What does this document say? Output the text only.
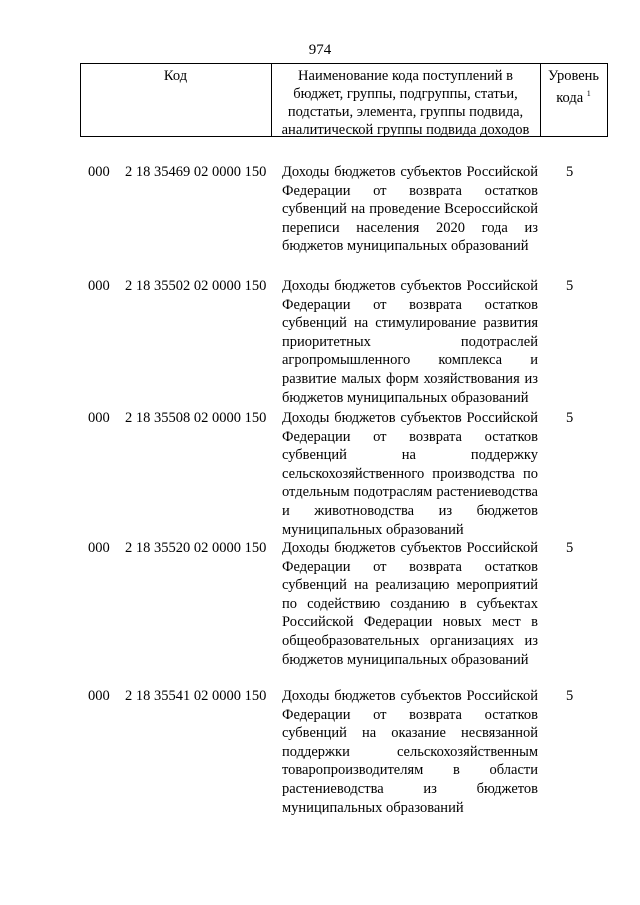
974
Код	Наименование кода поступлений в бюджет, группы, подгруппы, статьи, подстатьи, элемента, группы подвида, аналитической группы подвида доходов
Уровень кода $^1$
000 2 18 35469 02 0000 150 Доходы бюджетов субъектов Российской Федерации от возврата остатков субвенций на проведение Всероссийской переписи населения 2020 года из бюджетов муниципальных образований
5
000 2 18 35502 02 0000 150 Доходы бюджетов субъектов Российской Федерации от возврата остатков субвенций на стимулирование развития приоритетных подотраслей агропромышленного комплекса и развитие малых форм хозяйствования из бюджетов муниципальных образований
5
000 2 18 35508 02 0000 150 Доходы бюджетов субъектов Российской Федерации от возврата остатков субвенций на поддержку сельскохозяйственного производства по отдельным подотраслям растениеводства и животноводства из бюджетов муниципальных образований
5
000 2 18 35520 02 0000 150 Доходы бюджетов субъектов Российской Федерации от возврата остатков субвенций на реализацию мероприятий по содействию созданию в субъектах Российской Федерации новых мест в общеобразовательных организациях из бюджетов муниципальных образований
5
000 2 18 35541 02 0000 150 Доходы бюджетов субъектов Российской Федерации от возврата остатков субвенций на оказание несвязанной поддержки сельскохозяйственным товаропроизводителям в области растениеводства из бюджетов муниципальных образований
5
